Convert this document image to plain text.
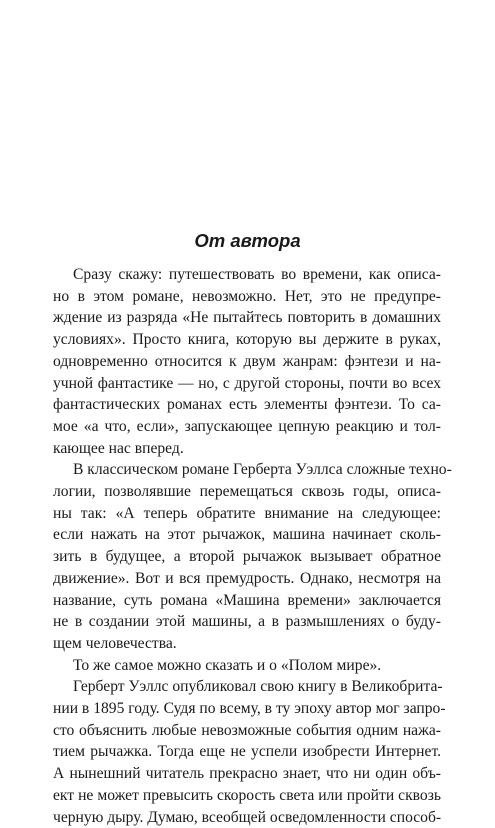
От автора
Сразу скажу: путешествовать во времени, как описа-
но в этом романе, невозможно. Нет, это не предупре-
ждение из разряда «Не пытайтесь повторить в домашних
условиях». Просто книга, которую вы держите в руках,
одновременно относится к двум жанрам: фэнтези и на-
учной фантастике — но, с другой стороны, почти во всех
фантастических романах есть элементы фэнтези. То са-
мое «а что, если», запускающее цепную реакцию и тол-
кающее нас вперед.
В классическом романе Герберта Уэллса сложные техно-
логии, позволявшие перемещаться сквозь годы, описа-
ны так: «А теперь обратите внимание на следующее:
если нажать на этот рычажок, машина начинает сколь-
зить в будущее, а второй рычажок вызывает обратное
движение». Вот и вся премудрость. Однако, несмотря на
название, суть романа «Машина времени» заключается
не в создании этой машины, а в размышлениях о буду-
щем человечества.
То же самое можно сказать и о «Полом мире».
Герберт Уэллс опубликовал свою книгу в Великобрита-
нии в 1895 году. Судя по всему, в ту эпоху автор мог запро-
сто объяснить любые невозможные события одним нажа-
тием рычажка. Тогда еще не успели изобрести Интернет.
А нынешний читатель прекрасно знает, что ни один объ-
ект не может превысить скорость света или пройти сквозь
черную дыру. Думаю, всеобщей осведомленности способ-
